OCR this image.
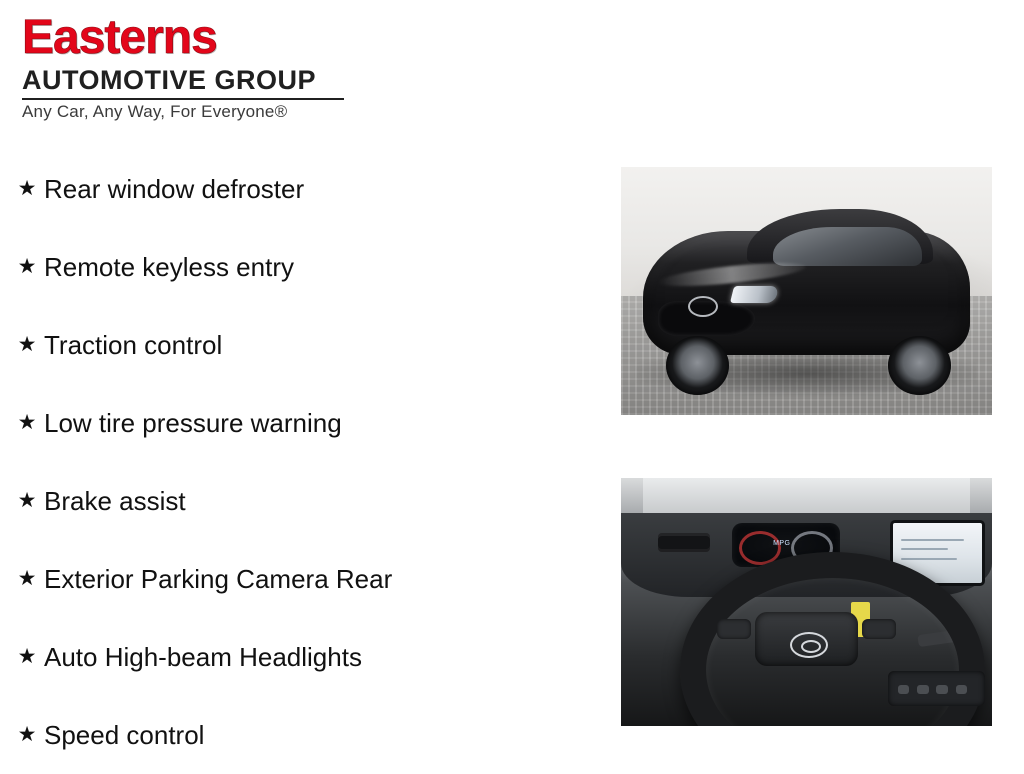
Easterns
AUTOMOTIVE GROUP
Any Car, Any Way, For Everyone®
★ Rear window defroster
★ Remote keyless entry
★ Traction control
★ Low tire pressure warning
★ Brake assist
★ Exterior Parking Camera Rear
★ Auto High-beam Headlights
★ Speed control
MPG
